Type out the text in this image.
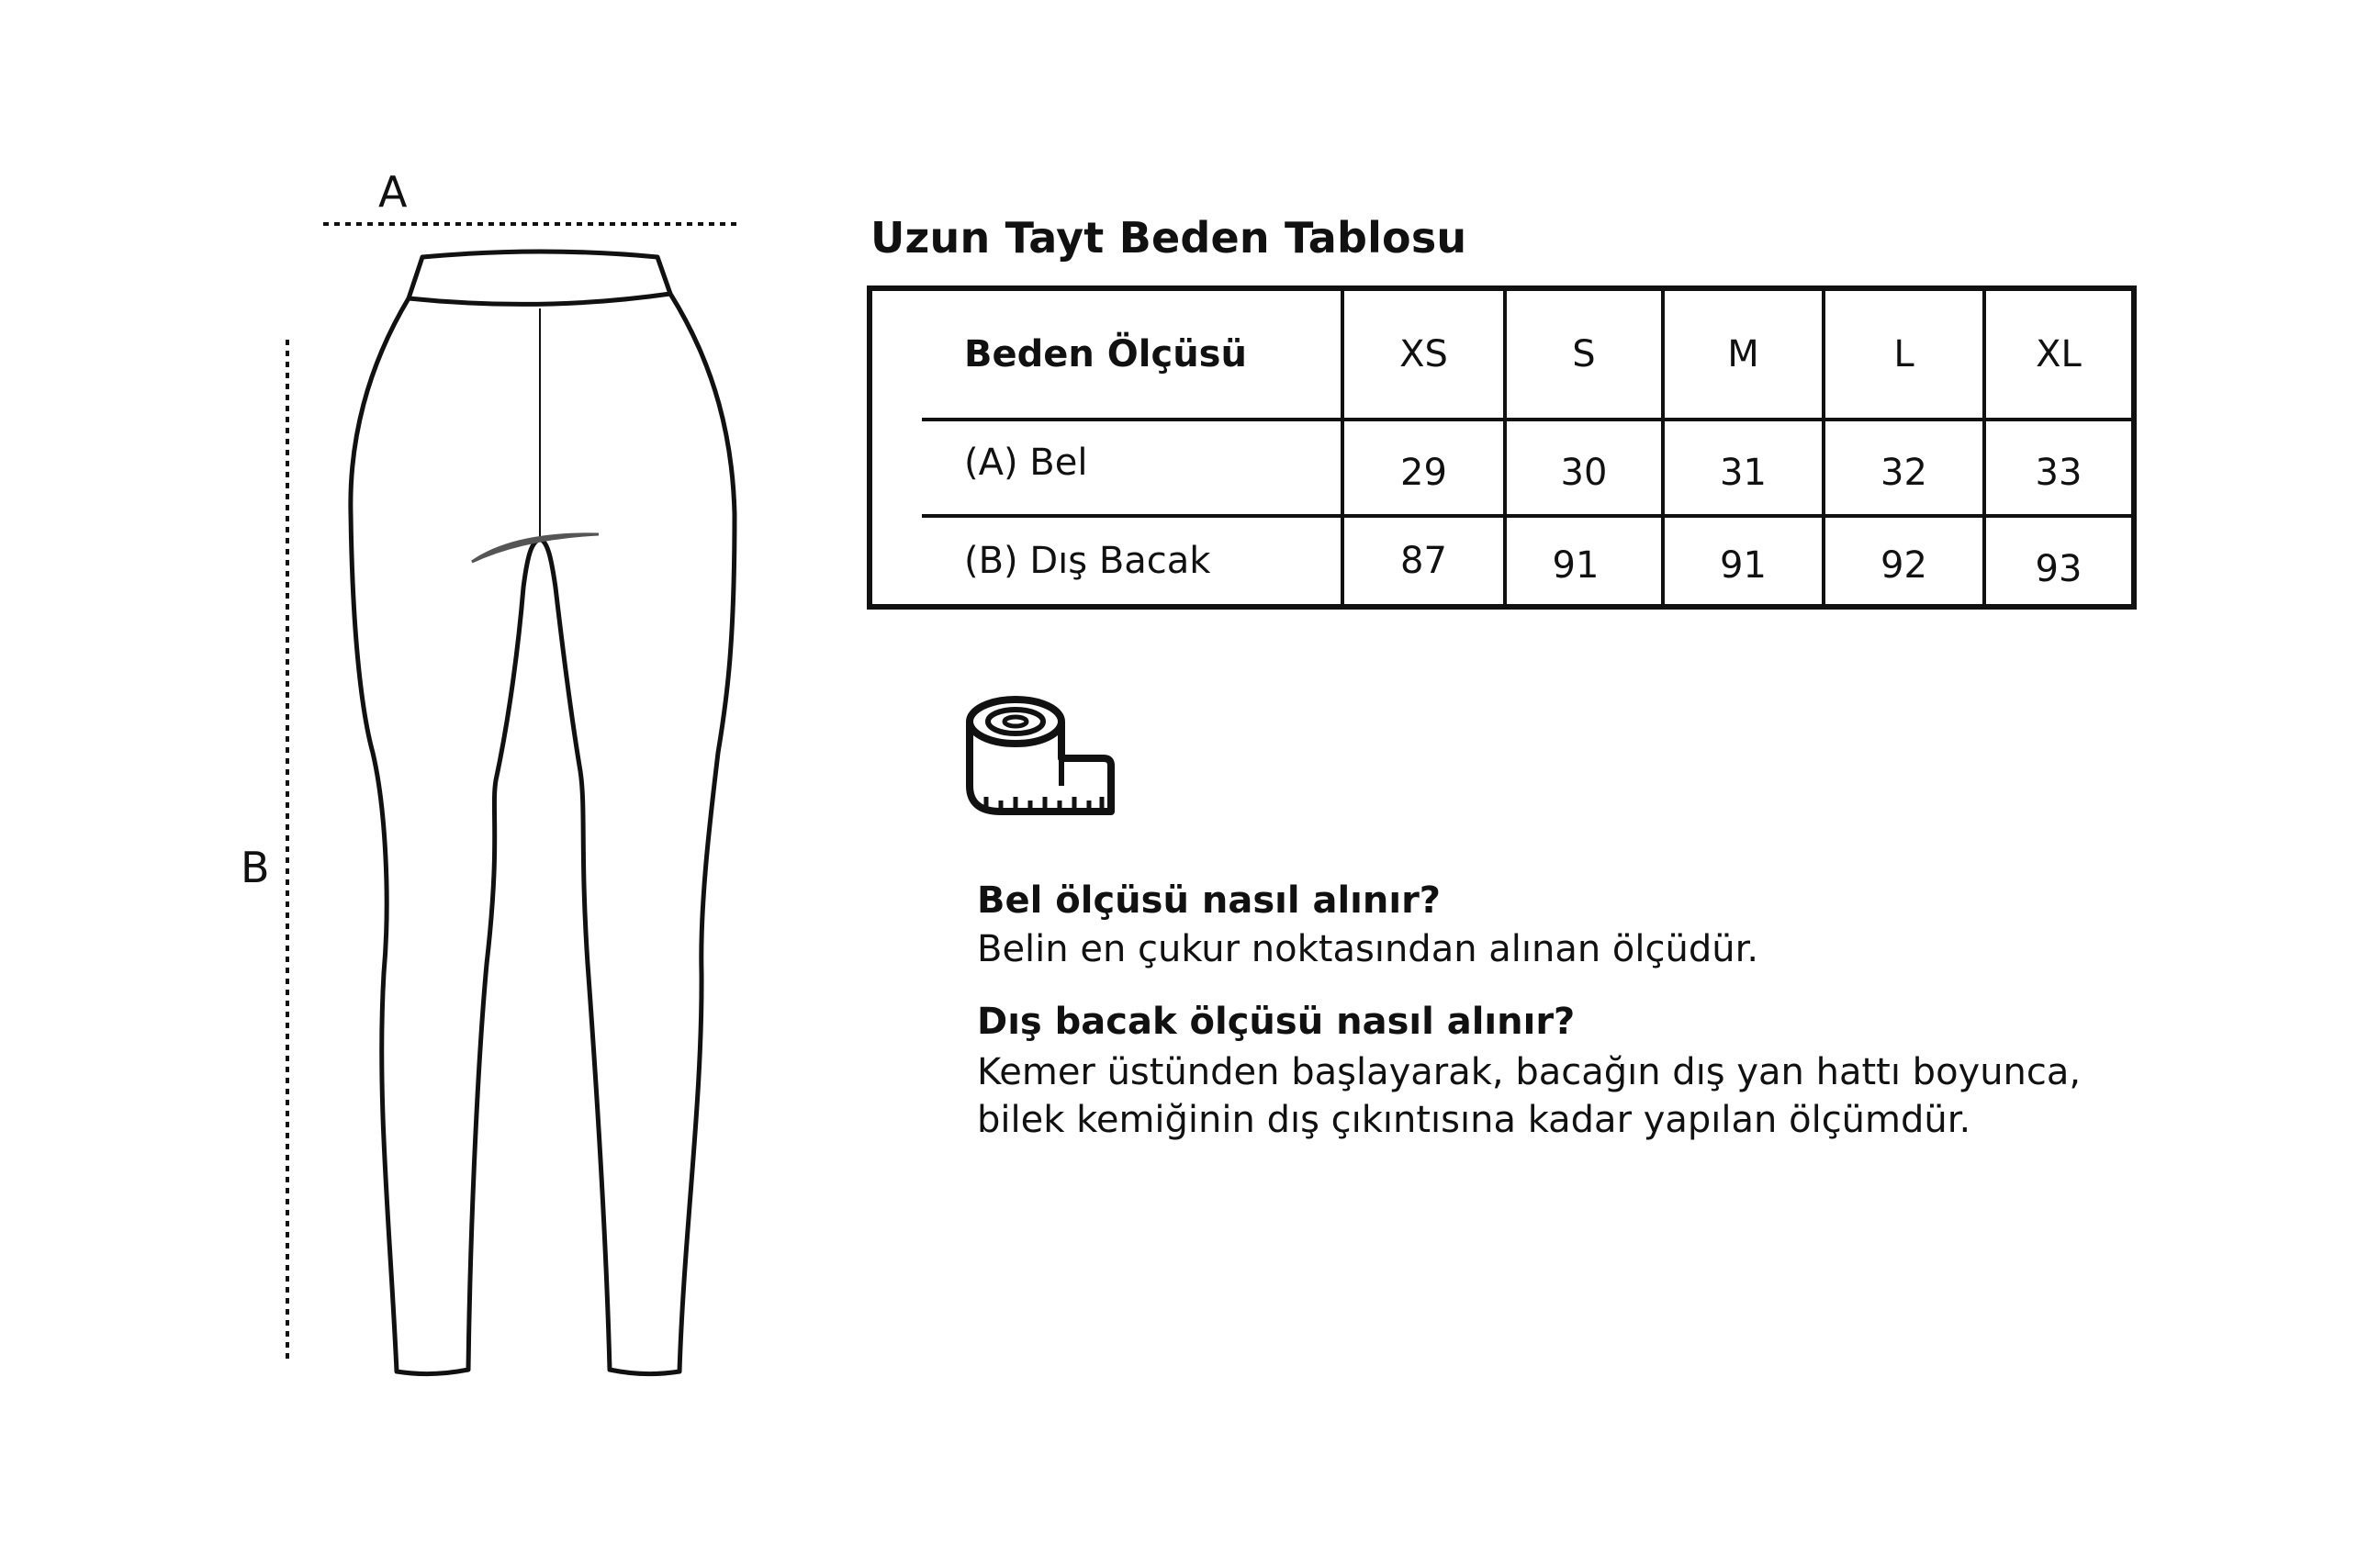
A
B
Uzun Tayt Beden Tablosu
Beden Ölçüsü	XS	S	M	L	XL
(A) Bel	29	30	31	32	33
(B) Dış Bacak	87	91	91	92	93
Bel ölçüsü nasıl alınır?
Belin en çukur noktasından alınan ölçüdür.
Dış bacak ölçüsü nasıl alınır?
Kemer üstünden başlayarak, bacağın dış yan hattı boyunca,
bilek kemiğinin dış çıkıntısına kadar yapılan ölçümdür.
